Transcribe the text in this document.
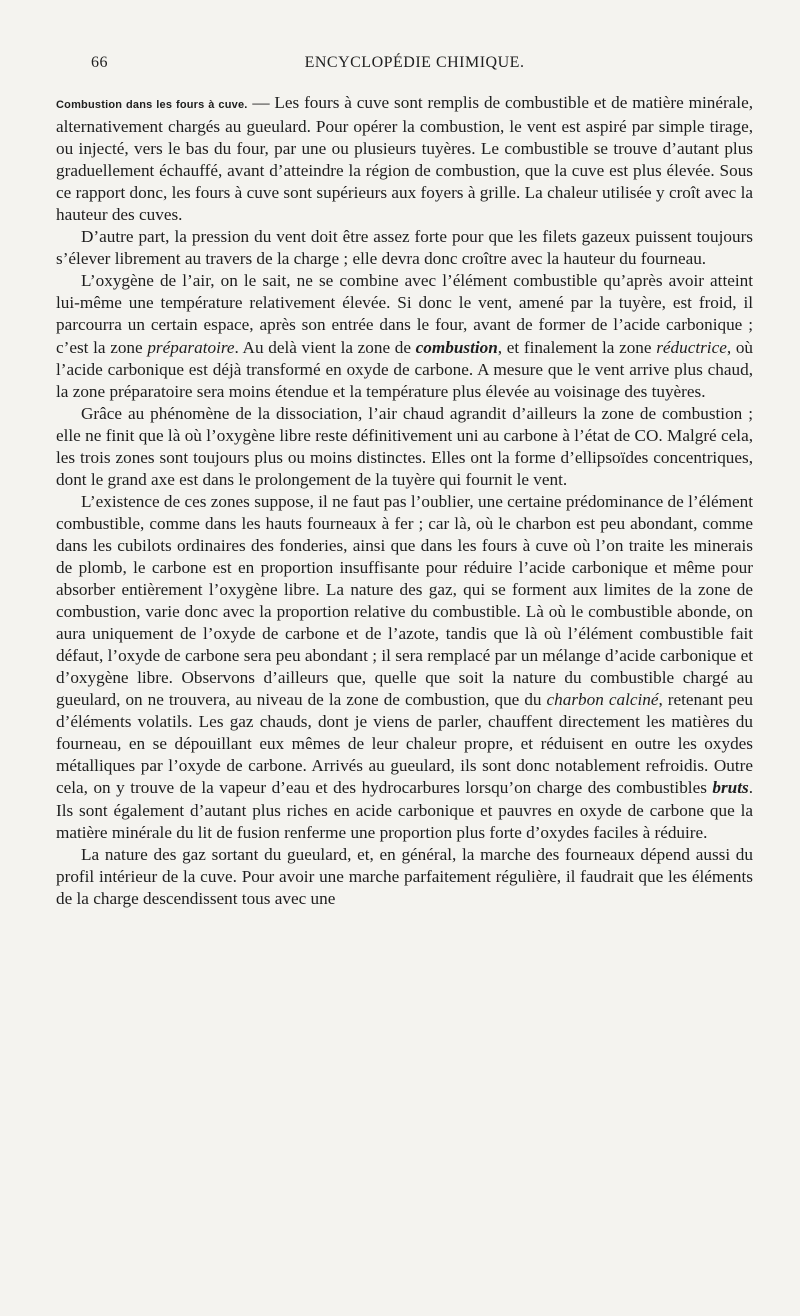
66	ENCYCLOPÉDIE CHIMIQUE.

Combustion dans les fours à cuve. — Les fours à cuve sont remplis de combustible et de matière minérale, alternativement chargés au gueulard. Pour opérer la combustion, le vent est aspiré par simple tirage, ou injecté, vers le bas du four, par une ou plusieurs tuyères. Le combustible se trouve d’autant plus graduellement échauffé, avant d’atteindre la région de combustion, que la cuve est plus élevée. Sous ce rapport donc, les fours à cuve sont supérieurs aux foyers à grille. La chaleur utilisée y croît avec la hauteur des cuves.

D’autre part, la pression du vent doit être assez forte pour que les filets gazeux puissent toujours s’élever librement au travers de la charge ; elle devra donc croître avec la hauteur du fourneau.

L’oxygène de l’air, on le sait, ne se combine avec l’élément combustible qu’après avoir atteint lui-même une température relativement élevée. Si donc le vent, amené par la tuyère, est froid, il parcourra un certain espace, après son entrée dans le four, avant de former de l’acide carbonique ; c’est la zone préparatoire. Au delà vient la zone de combustion, et finalement la zone réductrice, où l’acide carbonique est déjà transformé en oxyde de carbone. A mesure que le vent arrive plus chaud, la zone préparatoire sera moins étendue et la température plus élevée au voisinage des tuyères.

Grâce au phénomène de la dissociation, l’air chaud agrandit d’ailleurs la zone de combustion ; elle ne finit que là où l’oxygène libre reste définitivement uni au carbone à l’état de CO. Malgré cela, les trois zones sont toujours plus ou moins distinctes. Elles ont la forme d’ellipsoïdes concentriques, dont le grand axe est dans le prolongement de la tuyère qui fournit le vent.

L’existence de ces zones suppose, il ne faut pas l’oublier, une certaine prédominance de l’élément combustible, comme dans les hauts fourneaux à fer ; car là, où le charbon est peu abondant, comme dans les cubilots ordinaires des fonderies, ainsi que dans les fours à cuve où l’on traite les minerais de plomb, le carbone est en proportion insuffisante pour réduire l’acide carbonique et même pour absorber entièrement l’oxygène libre. La nature des gaz, qui se forment aux limites de la zone de combustion, varie donc avec la proportion relative du combustible. Là où le combustible abonde, on aura uniquement de l’oxyde de carbone et de l’azote, tandis que là où l’élément combustible fait défaut, l’oxyde de carbone sera peu abondant ; il sera remplacé par un mélange d’acide carbonique et d’oxygène libre. Observons d’ailleurs que, quelle que soit la nature du combustible chargé au gueulard, on ne trouvera, au niveau de la zone de combustion, que du charbon calciné, retenant peu d’éléments volatils. Les gaz chauds, dont je viens de parler, chauffent directement les matières du fourneau, en se dépouillant eux mêmes de leur chaleur propre, et réduisent en outre les oxydes métalliques par l’oxyde de carbone. Arrivés au gueulard, ils sont donc notablement refroidis. Outre cela, on y trouve de la vapeur d’eau et des hydrocarbures lorsqu’on charge des combustibles bruts. Ils sont également d’autant plus riches en acide carbonique et pauvres en oxyde de carbone que la matière minérale du lit de fusion renferme une proportion plus forte d’oxydes faciles à réduire.

La nature des gaz sortant du gueulard, et, en général, la marche des fourneaux dépend aussi du profil intérieur de la cuve. Pour avoir une marche parfaitement régulière, il faudrait que les éléments de la charge descendissent tous avec une
